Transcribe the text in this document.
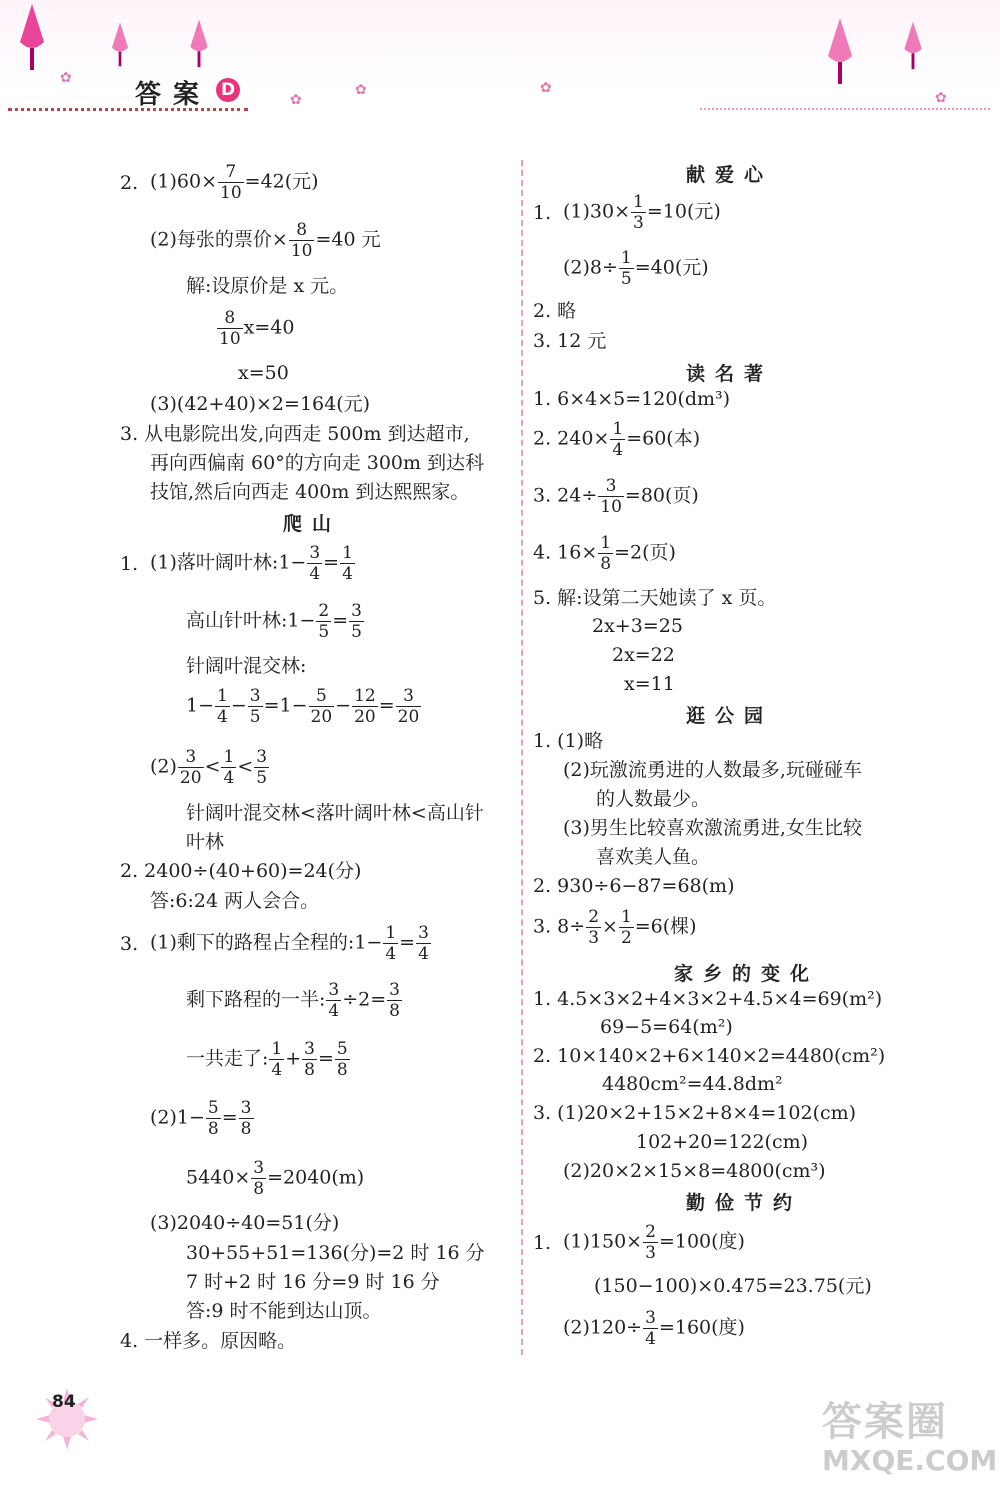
✿
✿
✿	✿
✿
答案 D
2. $(1)60\times \frac{7}{10} =42$(元)
(2)每张的票价× $\frac{8}{10} =40$ 元
解:设原价是 x 元。
$\frac{8}{10} x=40$
x=50
(3)(42+40)×2=164(元)
3. 从电影院出发,向西走 500m 到达超市,
再向西偏南 60°的方向走 300m 到达科
技馆,然后向西走 400m 到达熙熙家。
1. (1)落叶阔叶林:1− $\frac{3}{4} = \frac{1}{4}$
高山针叶林:1− $\frac{2}{5} = \frac{3}{5}$
针阔叶混交林:
$1- \frac{1}{4} - \frac{3}{5} =1- \frac{5}{20} - \frac{12}{20} = \frac{3}{20}$
$(2) \frac{3}{20} < \frac{1}{4} < \frac{3}{5}$
针阔叶混交林<落叶阔叶林<高山针
叶林
2. 2400÷(40+60)=24(分)
答:6:24 两人会合。
3. (1)剩下的路程占全程的:1− $\frac{1}{4} = \frac{3}{4}$
剩下路程的一半: $\frac{3}{4} \div 2= \frac{3}{8}$
一共走了: $\frac{1}{4} + \frac{3}{8} = \frac{5}{8}$
$(2)1- \frac{5}{8} = \frac{3}{8}$
$5440\times \frac{3}{8} =2040(m)$
(3)2040÷40=51(分)
30+55+51=136(分)=2 时 16 分
7 时+2 时 16 分=9 时 16 分
答:9 时不能到达山顶。
4. 一样多。原因略。
1. $(1)30\times \frac{1}{3} =10$(元)
$(2)8\div \frac{1}{5} =40$(元)
2. 略
3. 12 元
1. 6×4×5=120(dm³)
2. $240\times \frac{1}{4} =60$(本)
3. $24\div \frac{3}{10} =80$(页)
4. $16\times \frac{1}{8} =2$(页)
5. 解:设第二天她读了 x 页。
2x+3=25
2x=22
x=11
1. (1)略
(2)玩激流勇进的人数最多,玩碰碰车
的人数最少。
(3)男生比较喜欢激流勇进,女生比较
喜欢美人鱼。
2. 930÷6−87=68(m)
3. $8\div \frac{2}{3} \times \frac{1}{2} =6$(棵)
1. 4.5×3×2+4×3×2+4.5×4=69(m²)
69−5=64(m²)
2. 10×140×2+6×140×2=4480(cm²)
4480cm²=44.8dm²
3. (1)20×2+15×2+8×4=102(cm)
102+20=122(cm)
(2)20×2×15×8=4800(cm³)
1. $(1)150\times \frac{2}{3} =100$(度)
(150−100)×0.475=23.75(元)
$(2)120\div \frac{3}{4} =160$(度)
爬山
献爱心
读名著
逛公园
家乡的变化
勤俭节约
84	答案圈
MXQE.COM
